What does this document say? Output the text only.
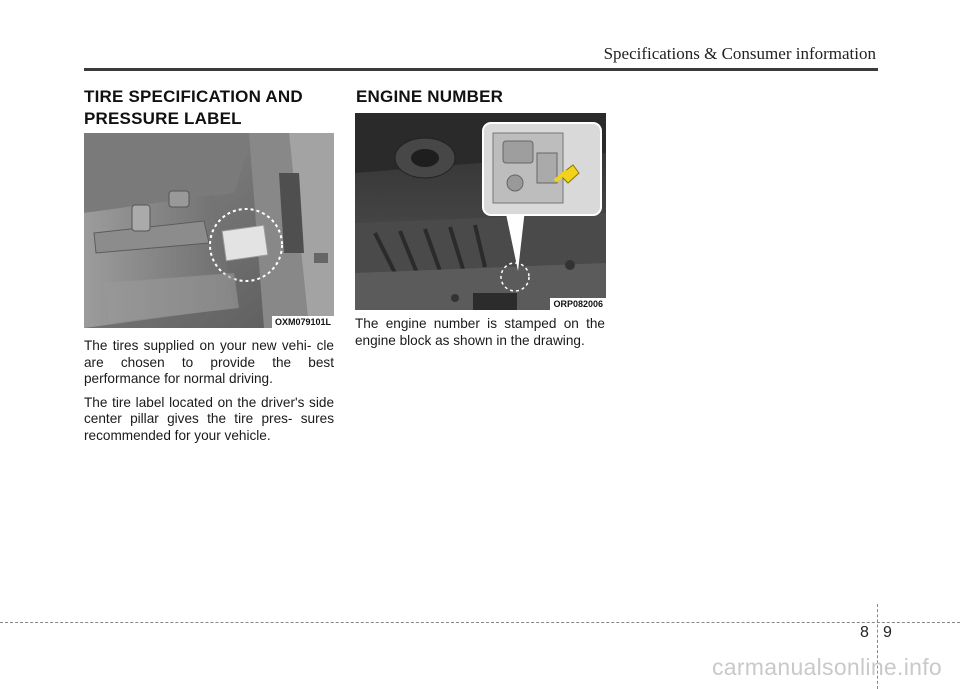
Specifications & Consumer information
TIRE SPECIFICATION AND
PRESSURE LABEL
OXM079101L

The tires supplied on your new vehi- cle are chosen to provide the best performance for normal driving.

The tire label located on the driver's side center pillar gives the tire pres- sures recommended for your vehicle.

ENGINE NUMBER
ORP082006

The engine number is stamped on the engine block as shown in the drawing.

8 9
carmanualsonline.info
